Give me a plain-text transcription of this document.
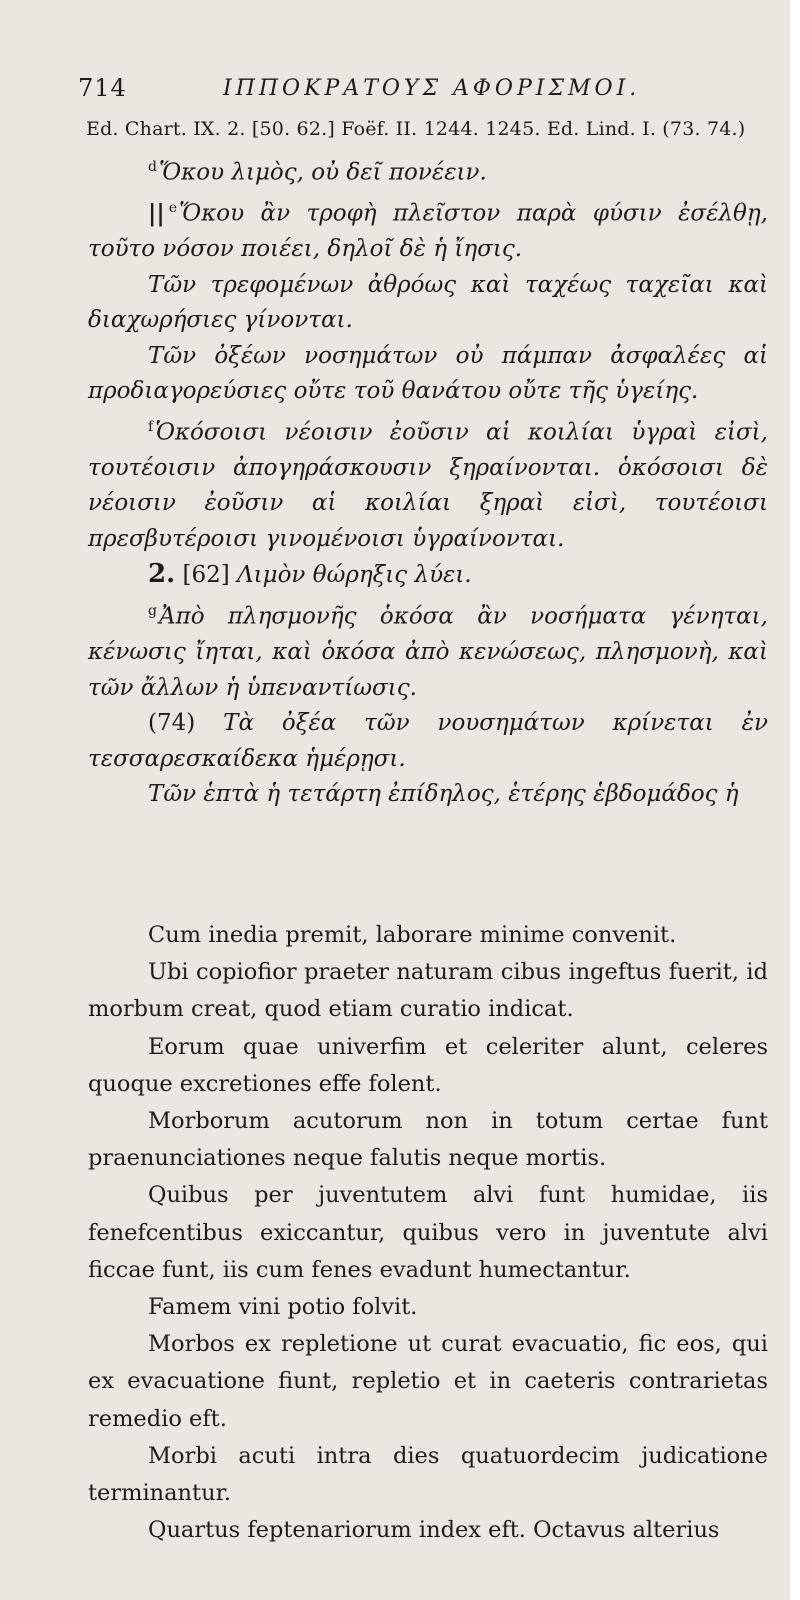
714	ΙΠΠΟΚΡΑΤΟΥΣ ΑΦΟΡΙΣΜΟΙ.
Ed. Chart. IX. 2. [50. 62.] Foëf. II. 1244. 1245. Ed. Lind. I. (73. 74.)

$^d$Ὅκου λιμὸς, οὐ δεῖ πονέειν.

|| $^e$Ὅκου ἂν τροφὴ πλεῖστον παρὰ φύσιν ἐσέλθῃ, τοῦτο νόσον ποιέει, δηλοῖ δὲ ἡ ἴησις.

Τῶν τρεφομένων ἀθρόως καὶ ταχέως ταχεῖαι καὶ διαχωρήσιες γίνονται.

Τῶν ὀξέων νοσημάτων οὐ πάμπαν ἀσφαλέες αἱ προδιαγορεύσιες οὔτε τοῦ θανάτου οὔτε τῆς ὑγείης.

$^f$Ὁκόσοισι νέοισιν ἐοῦσιν αἱ κοιλίαι ὑγραὶ εἰσὶ, τουτέοισιν ἀπογηράσκουσιν ξηραίνονται. ὁκόσοισι δὲ νέοισιν ἐοῦσιν αἱ κοιλίαι ξηραὶ εἰσὶ, τουτέοισι πρεσβυτέροισι γινομένοισι ὑγραίνονται.

2. [62] Λιμὸν θώρηξις λύει.

$^g$Ἀπὸ πλησμονῆς ὁκόσα ἂν νοσήματα γένηται, κένωσις ἴηται, καὶ ὁκόσα ἀπὸ κενώσεως, πλησμονὴ, καὶ τῶν ἄλλων ἡ ὑπεναντίωσις.

(74) Τὰ ὀξέα τῶν νουσημάτων κρίνεται ἐν τεσσαρεσκαίδεκα ἡμέρῃσι.

Τῶν ἑπτὰ ἡ τετάρτη ἐπίδηλος, ἑτέρης ἑβδομάδος ἡ

Cum inedia premit, laborare minime convenit.

Ubi copiofior praeter naturam cibus ingeftus fuerit, id morbum creat, quod etiam curatio indicat.

Eorum quae univerfim et celeriter alunt, celeres quoque excretiones effe folent.

Morborum acutorum non in totum certae funt praenunciationes neque falutis neque mortis.

Quibus per juventutem alvi funt humidae, iis fenefcentibus exiccantur, quibus vero in juventute alvi ficcae funt, iis cum fenes evadunt humectantur.

Famem vini potio folvit.

Morbos ex repletione ut curat evacuatio, fic eos, qui ex evacuatione fiunt, repletio et in caeteris contrarietas remedio eft.

Morbi acuti intra dies quatuordecim judicatione terminantur.

Quartus feptenariorum index eft. Octavus alterius
